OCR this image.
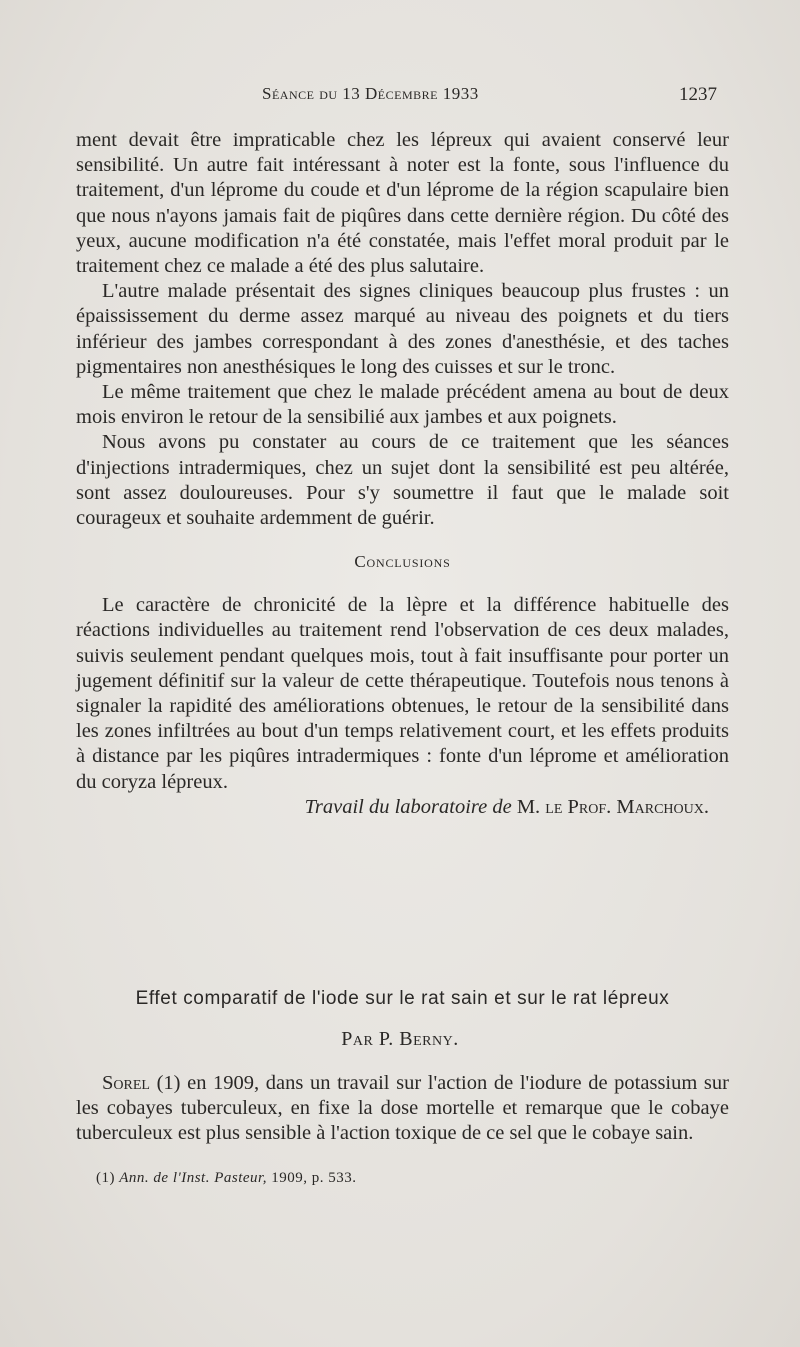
Séance du 13 Décembre 1933	1237

ment devait être impraticable chez les lépreux qui avaient conservé leur sensibilité. Un autre fait intéressant à noter est la fonte, sous l'influence du traitement, d'un léprome du coude et d'un léprome de la région scapulaire bien que nous n'ayons jamais fait de piqûres dans cette dernière région. Du côté des yeux, aucune modification n'a été constatée, mais l'effet moral produit par le traitement chez ce malade a été des plus salutaire.

L'autre malade présentait des signes cliniques beaucoup plus frustes : un épaississement du derme assez marqué au niveau des poignets et du tiers inférieur des jambes correspondant à des zones d'anesthésie, et des taches pigmentaires non anesthésiques le long des cuisses et sur le tronc.

Le même traitement que chez le malade précédent amena au bout de deux mois environ le retour de la sensibilié aux jambes et aux poignets.

Nous avons pu constater au cours de ce traitement que les séances d'injections intradermiques, chez un sujet dont la sensibilité est peu altérée, sont assez douloureuses. Pour s'y soumettre il faut que le malade soit courageux et souhaite ardemment de guérir.

Conclusions

Le caractère de chronicité de la lèpre et la différence habituelle des réactions individuelles au traitement rend l'observation de ces deux malades, suivis seulement pendant quelques mois, tout à fait insuffisante pour porter un jugement définitif sur la valeur de cette thérapeutique. Toutefois nous tenons à signaler la rapidité des améliorations obtenues, le retour de la sensibilité dans les zones infiltrées au bout d'un temps relativement court, et les effets produits à distance par les piqûres intradermiques : fonte d'un léprome et amélioration du coryza lépreux.

Travail du laboratoire de M. le Prof. Marchoux.
Effet comparatif de l'iode sur le rat sain et sur le rat lépreux
Par P. Berny.

Sorel (1) en 1909, dans un travail sur l'action de l'iodure de potassium sur les cobayes tuberculeux, en fixe la dose mortelle et remarque que le cobaye tuberculeux est plus sensible à l'action toxique de ce sel que le cobaye sain.

(1) Ann. de l'Inst. Pasteur, 1909, p. 533.
